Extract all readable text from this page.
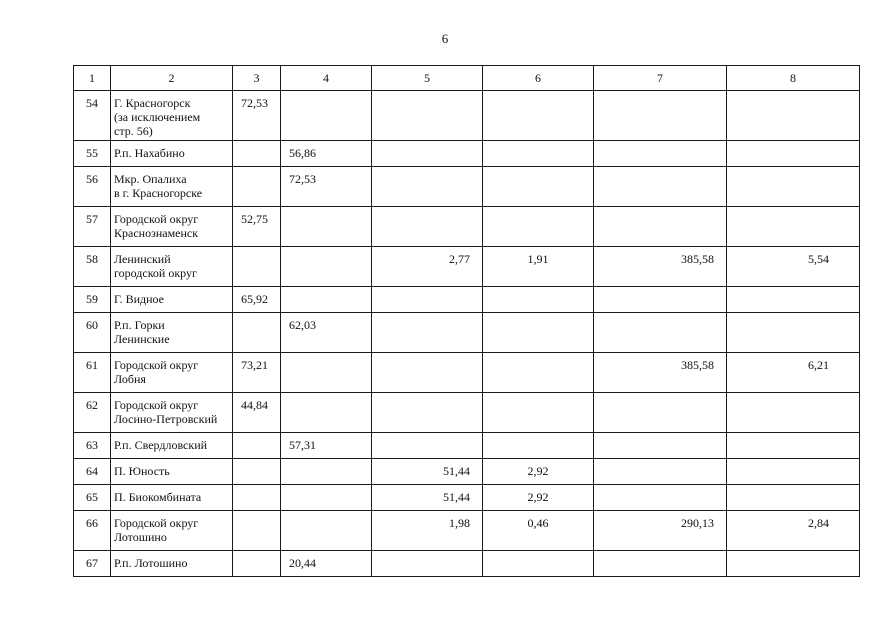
6
1	2	3	4	5	6	7	8
54	Г. Красногорск
(за исключением
стр. 56)	72,53					
55	Р.п. Нахабино		56,86				
56	Мкр. Опалиха
в г. Красногорске		72,53				
57	Городской округ
Краснознаменск	52,75					
58	Ленинский
городской округ			2,77	1,91	385,58	5,54
59	Г. Видное	65,92					
60	Р.п. Горки
Ленинские		62,03				
61	Городской округ
Лобня	73,21				385,58	6,21
62	Городской округ
Лосино-Петровский	44,84					
63	Р.п. Свердловский		57,31				
64	П. Юность			51,44	2,92		
65	П. Биокомбината			51,44	2,92		
66	Городской округ
Лотошино			1,98	0,46	290,13	2,84
67	Р.п. Лотошино		20,44				
